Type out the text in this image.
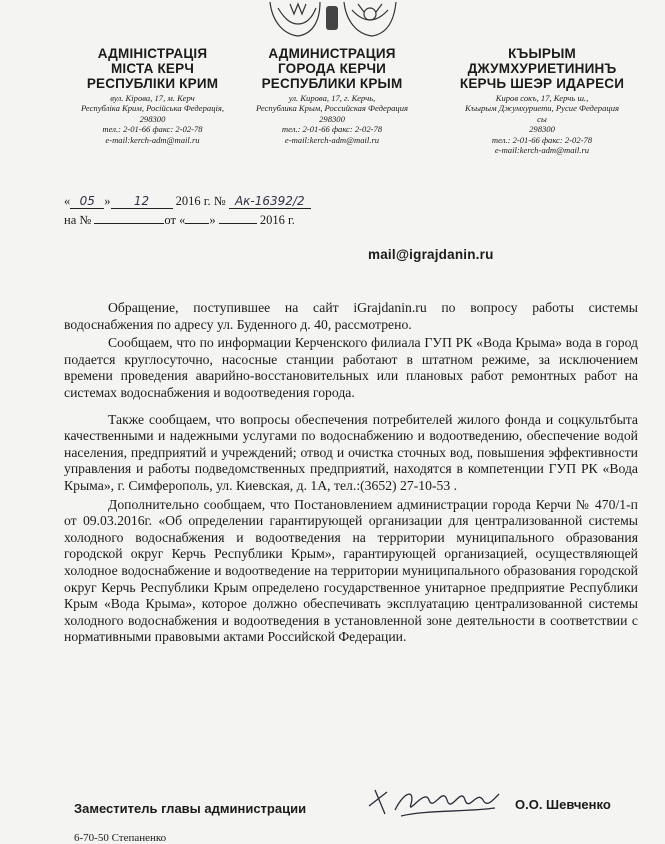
АДМІНІСТРАЦІЯ
МІСТА КЕРЧ
РЕСПУБЛІКИ КРИМ
вул. Кірова, 17, м. Керч
Республіка Крим, Російська Федерація,
298300
тел.: 2-01-66 факс: 2-02-78
e-mail:kerch-adm@mail.ru
АДМИНИСТРАЦИЯ
ГОРОДА КЕРЧИ
РЕСПУБЛИКИ КРЫМ
ул. Кирова, 17, г. Керчь,
Республика Крым, Российская Федерация
298300
тел.: 2-01-66 факс: 2-02-78
e-mail:kerch-adm@mail.ru
КЪЫРЫМ
ДЖУМХУРИЕТИНИНЪ
КЕРЧЬ ШЕЭР ИДАРЕСИ
Киров сокъ, 17, Керчь ш.,
Къырым Джумхуриети, Русие Федерация
сы
298300
тел.: 2-01-66 факс: 2-02-78
e-mail:kerch-adm@mail.ru
« 05 » 12 2016 г. № Ак-16392/2
на №	от « »	2016 г.
mail@igrajdanin.ru

Обращение, поступившее на сайт iGrajdanin.ru по вопросу работы системы водоснабжения по адресу ул. Буденного д. 40, рассмотрено.

Сообщаем, что по информации Керченского филиала ГУП РК «Вода Крыма» вода в город подается круглосуточно, насосные станции работают в штатном режиме, за исключением времени проведения аварийно-восстановительных или плановых работ ремонтных работ на системах водоснабжения и водоотведения города.

Также сообщаем, что вопросы обеспечения потребителей жилого фонда и соцкультбыта качественными и надежными услугами по водоснабжению и водоотведению, обеспечение водой населения, предприятий и учреждений; отвод и очистка сточных вод, повышения эффективности управления и работы подведомственных предприятий, находятся в компетенции ГУП РК «Вода Крыма», г. Симферополь, ул. Киевская, д. 1А, тел.:(3652) 27-10-53 .

Дополнительно сообщаем, что Постановлением администрации города Керчи № 470/1-п от 09.03.2016г. «Об определении гарантирующей организации для централизованной системы холодного водоснабжения и водоотведения на территории муниципального образования городской округ Керчь Республики Крым», гарантирующей организацией, осуществляющей холодное водоснабжение и водоотведение на территории муниципального образования городской округ Керчь Республики Крым определено государственное унитарное предприятие Республики Крым «Вода Крыма», которое должно обеспечивать эксплуатацию централизованной системы холодного водоснабжения и водоотведения в установленной зоне деятельности в соответствии с нормативными правовыми актами Российской Федерации.

Заместитель главы администрации	О.О. Шевченко
6-70-50 Степаненко
